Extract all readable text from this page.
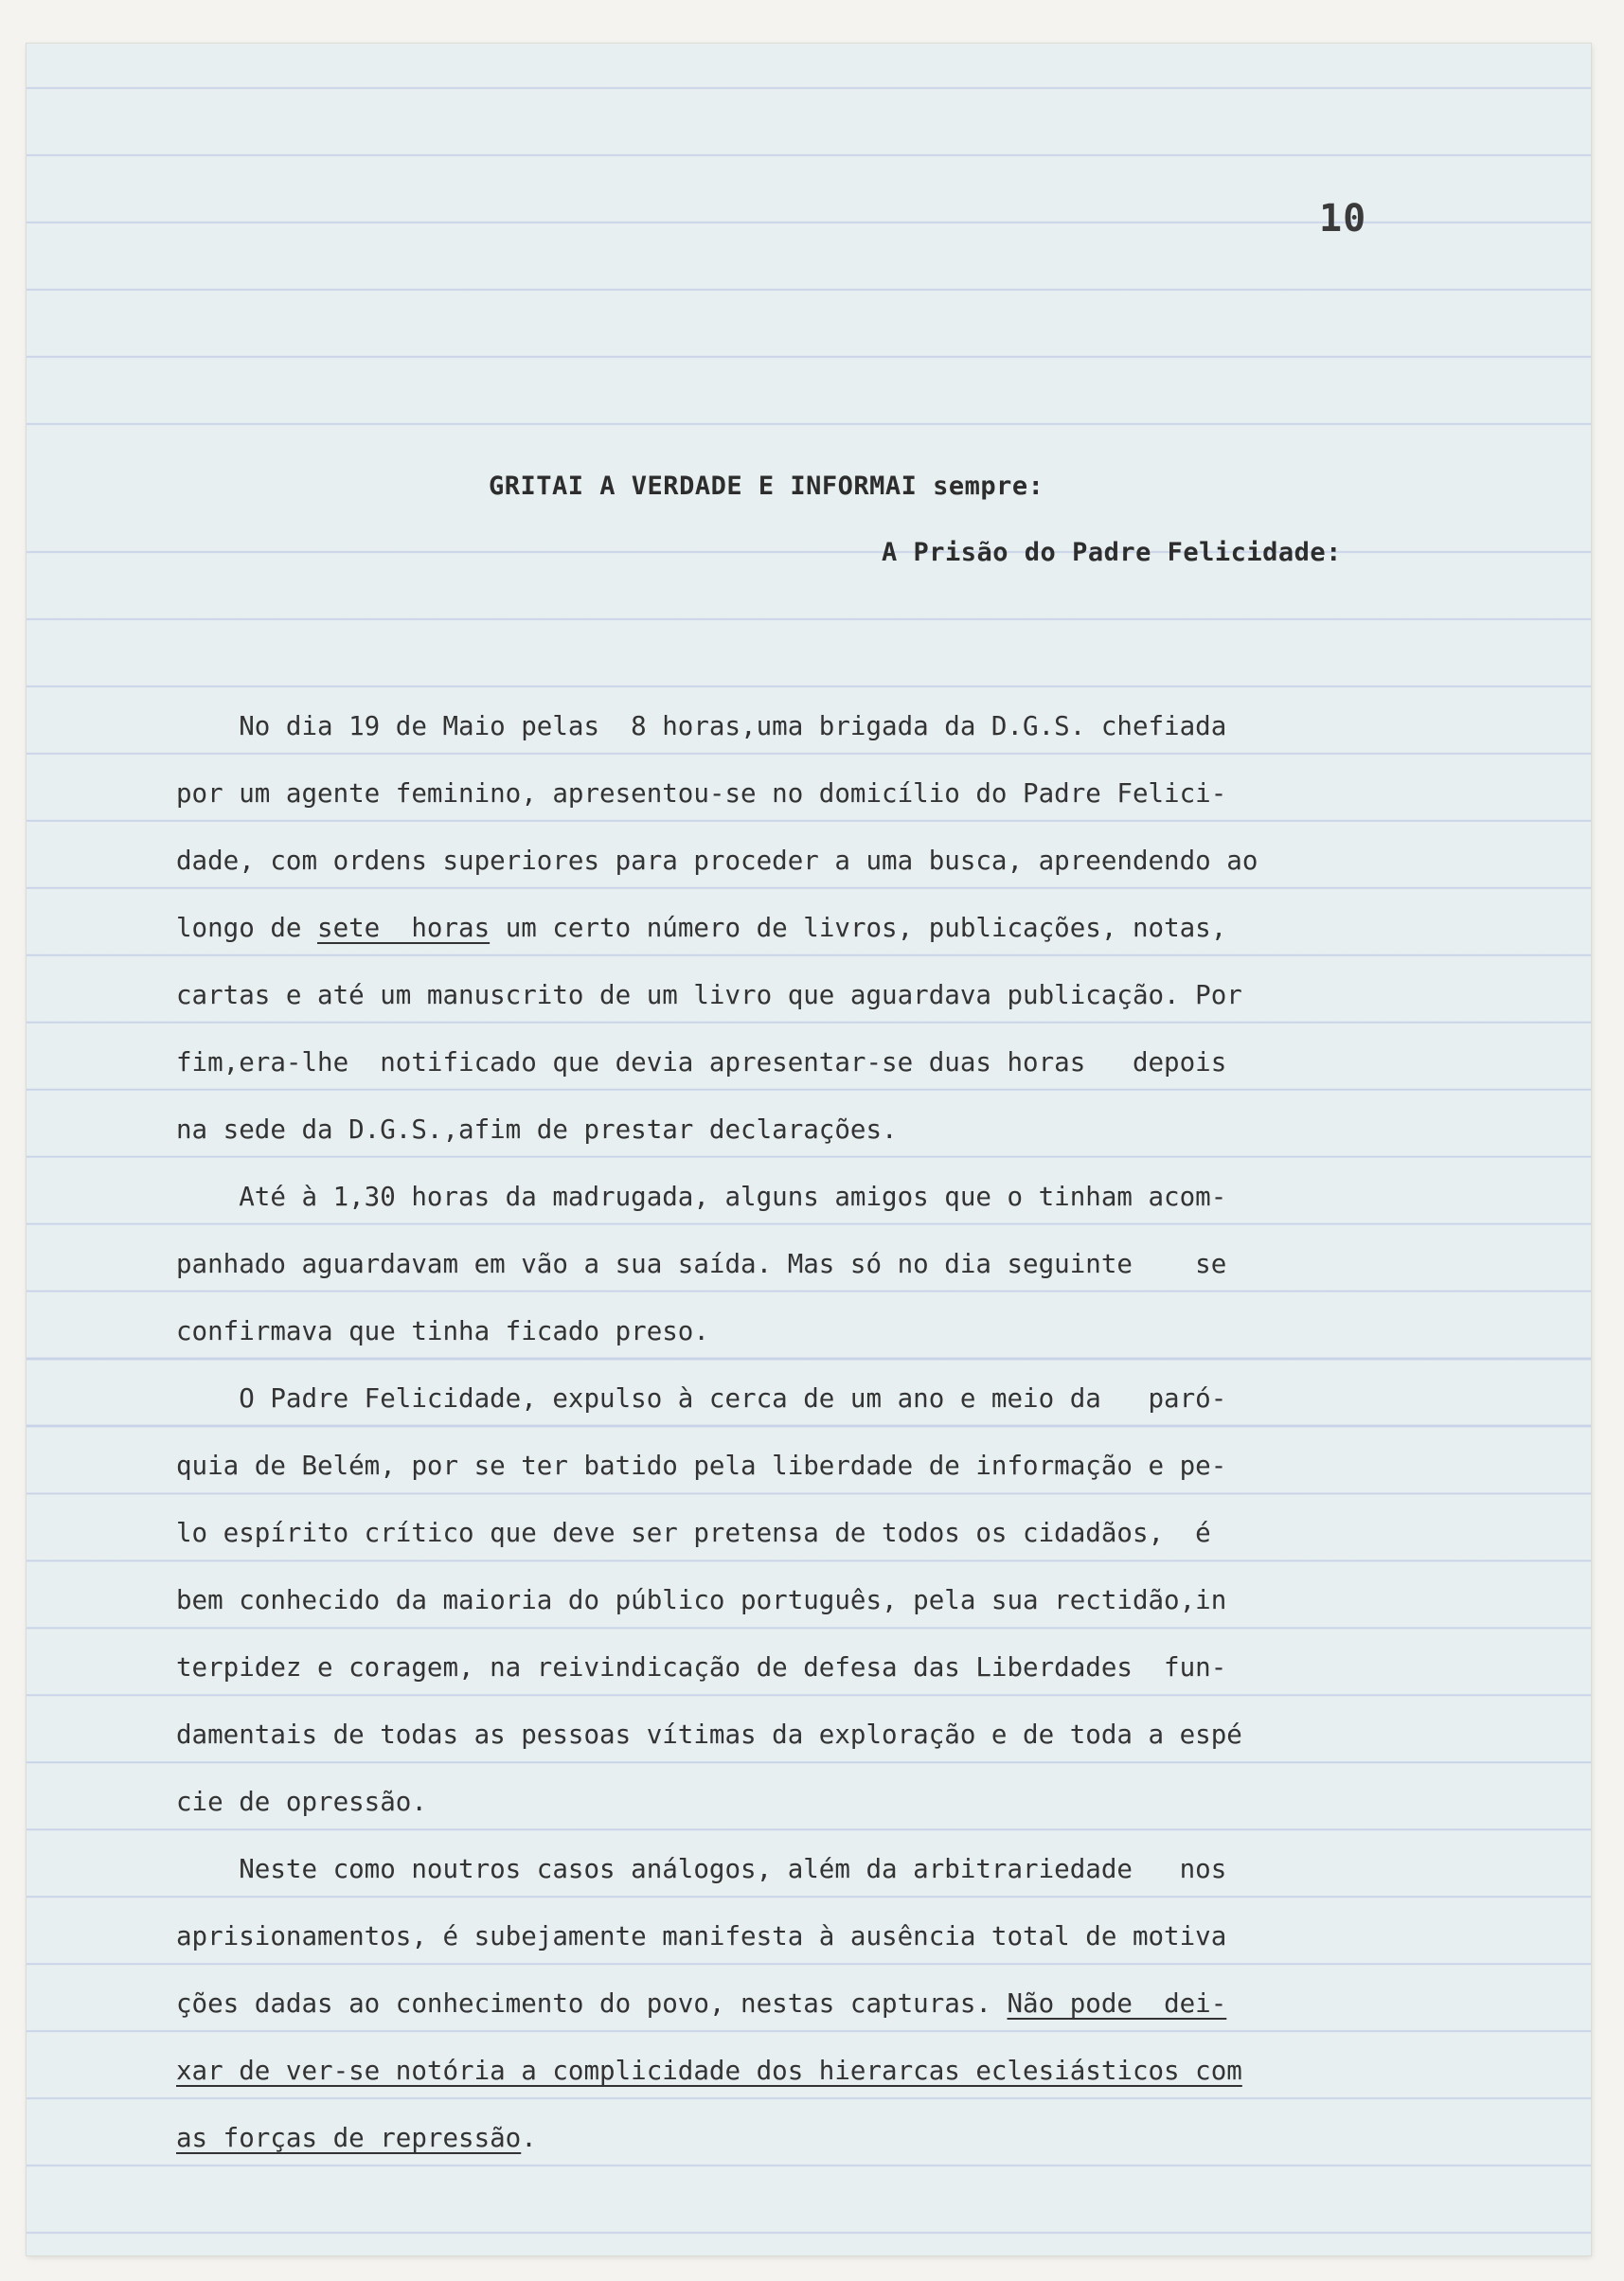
10
GRITAI A VERDADE E INFORMAI sempre:
A Prisão do Padre Felicidade:
No dia 19 de Maio pelas  8 horas,uma brigada da D.G.S. chefiada
por um agente feminino, apresentou-se no domicílio do Padre Felici-
dade, com ordens superiores para proceder a uma busca, apreendendo ao
longo de sete  horas um certo número de livros, publicações, notas,
cartas e até um manuscrito de um livro que aguardava publicação. Por
fim,era-lhe  notificado que devia apresentar-se duas horas   depois
na sede da D.G.S.,afim de prestar declarações.
Até à 1,30 horas da madrugada, alguns amigos que o tinham acom-
panhado aguardavam em vão a sua saída. Mas só no dia seguinte    se
confirmava que tinha ficado preso.
O Padre Felicidade, expulso à cerca de um ano e meio da   paró-
quia de Belém, por se ter batido pela liberdade de informação e pe-
lo espírito crítico que deve ser pretensa de todos os cidadãos,  é
bem conhecido da maioria do público português, pela sua rectidão,in
terpidez e coragem, na reivindicação de defesa das Liberdades  fun-
damentais de todas as pessoas vítimas da exploração e de toda a espé
cie de opressão.
Neste como noutros casos análogos, além da arbitrariedade   nos
aprisionamentos, é subejamente manifesta à ausência total de motiva
ções dadas ao conhecimento do povo, nestas capturas. Não pode  dei-
xar de ver-se notória a complicidade dos hierarcas eclesiásticos com
as forças de repressão.
